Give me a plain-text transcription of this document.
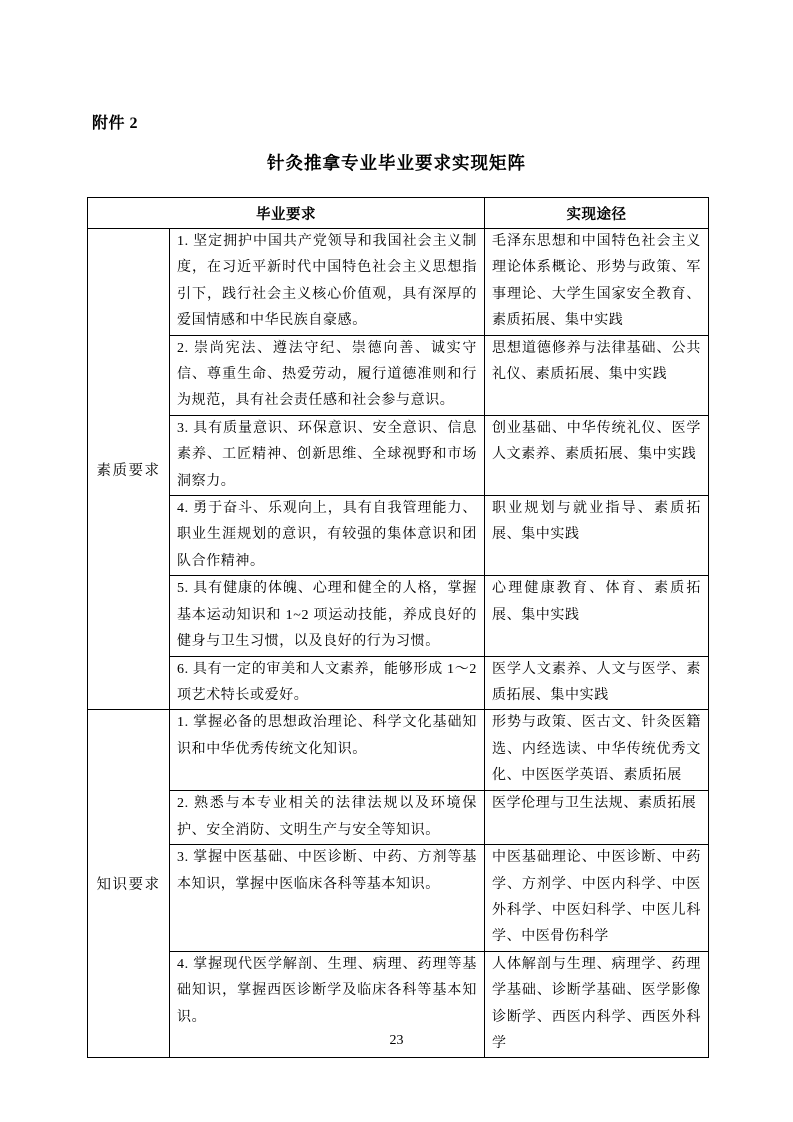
附件 2
针灸推拿专业毕业要求实现矩阵
毕业要求		实现途径
素质要求	1. 坚定拥护中国共产党领导和我国社会主义制度，在习近平新时代中国特色社会主义思想指引下，践行社会主义核心价值观，具有深厚的爱国情感和中华民族自豪感。	毛泽东思想和中国特色社会主义理论体系概论、形势与政策、军事理论、大学生国家安全教育、素质拓展、集中实践
	2. 崇尚宪法、遵法守纪、崇德向善、诚实守信、尊重生命、热爱劳动，履行道德准则和行为规范，具有社会责任感和社会参与意识。	思想道德修养与法律基础、公共礼仪、素质拓展、集中实践
	3. 具有质量意识、环保意识、安全意识、信息素养、工匠精神、创新思维、全球视野和市场洞察力。	创业基础、中华传统礼仪、医学人文素养、素质拓展、集中实践
	4. 勇于奋斗、乐观向上，具有自我管理能力、职业生涯规划的意识，有较强的集体意识和团队合作精神。	职业规划与就业指导、素质拓展、集中实践
	5. 具有健康的体魄、心理和健全的人格，掌握基本运动知识和 1~2 项运动技能，养成良好的健身与卫生习惯，以及良好的行为习惯。	心理健康教育、体育、素质拓展、集中实践
	6. 具有一定的审美和人文素养，能够形成 1～2 项艺术特长或爱好。	医学人文素养、人文与医学、素质拓展、集中实践
知识要求	1. 掌握必备的思想政治理论、科学文化基础知识和中华优秀传统文化知识。	形势与政策、医古文、针灸医籍选、内经选读、中华传统优秀文化、中医医学英语、素质拓展
	2. 熟悉与本专业相关的法律法规以及环境保护、安全消防、文明生产与安全等知识。	医学伦理与卫生法规、素质拓展
	3. 掌握中医基础、中医诊断、中药、方剂等基本知识，掌握中医临床各科等基本知识。	中医基础理论、中医诊断、中药学、方剂学、中医内科学、中医外科学、中医妇科学、中医儿科学、中医骨伤科学
	4. 掌握现代医学解剖、生理、病理、药理等基础知识，掌握西医诊断学及临床各科等基本知识。	人体解剖与生理、病理学、药理学基础、诊断学基础、医学影像诊断学、西医内科学、西医外科学
23
